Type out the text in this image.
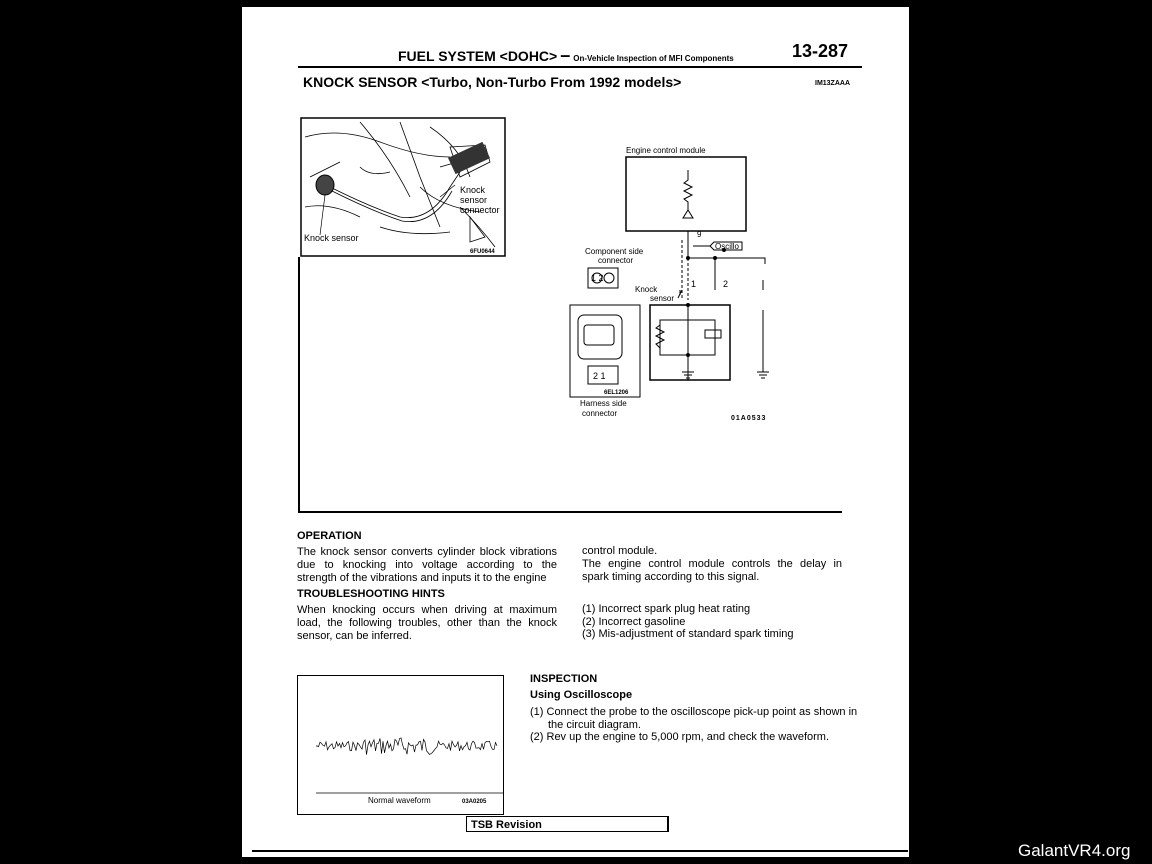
FUEL SYSTEM <DOHC> – On-Vehicle Inspection of MFI Components	13-287
KNOCK SENSOR <Turbo, Non-Turbo From 1992 models>	IM13ZAAA
Knock
sensor
connector
Knock sensor
6FU0644
Engine control module
9
Oscillo
Component side
connector
Knock
sensor
1	2
1 2
2 1
6EL1206
Harness side
connector
01A0533
OPERATION
The knock sensor converts cylinder block vibrations due to knocking into voltage according to the strength of the vibrations and inputs it to the engine
control module.
The engine control module controls the delay in spark timing according to this signal.
TROUBLESHOOTING HINTS
When knocking occurs when driving at maximum load, the following troubles, other than the knock sensor, can be inferred.
(1) Incorrect spark plug heat rating
(2) Incorrect gasoline
(3) Mis-adjustment of standard spark timing
Normal waveform	03A0205
INSPECTION
Using Oscilloscope
(1) Connect the probe to the oscilloscope pick-up point as shown in the circuit diagram.
(2) Rev up the engine to 5,000 rpm, and check the waveform.
TSB Revision
GalantVR4.org
